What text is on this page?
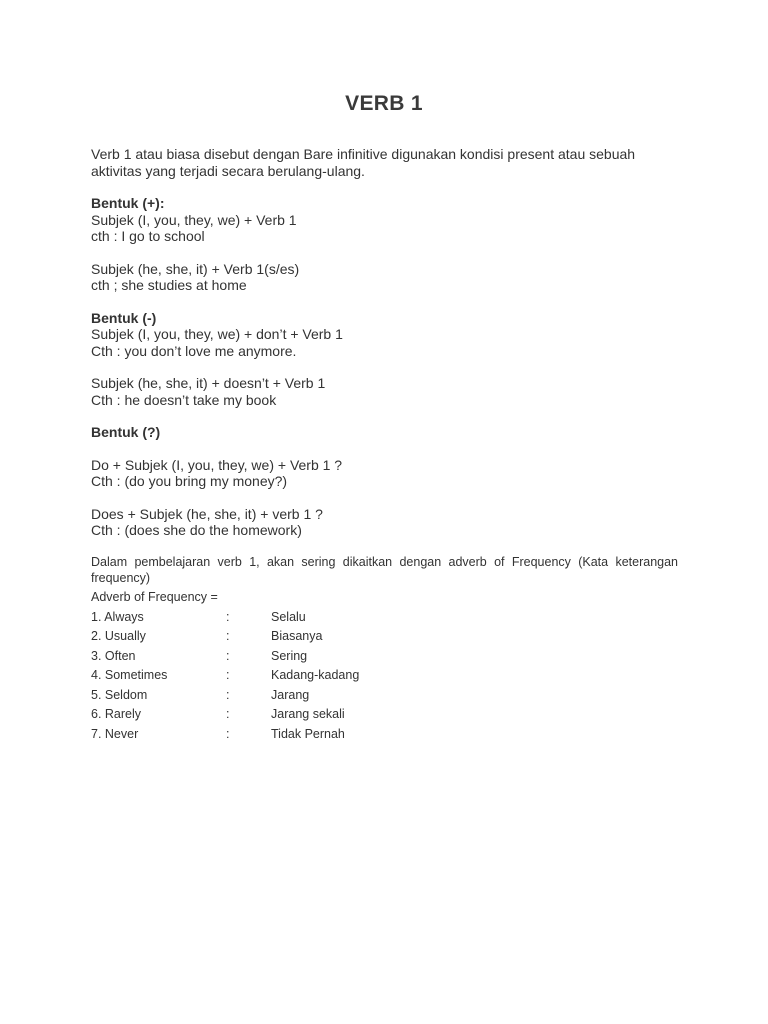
VERB 1
Verb 1 atau biasa disebut dengan Bare infinitive digunakan kondisi present atau sebuah
aktivitas yang terjadi secara berulang-ulang.
Bentuk (+):
Subjek (I, you, they, we) + Verb 1
cth : I go to school
Subjek (he, she, it) + Verb 1(s/es)
cth ; she studies at home
Bentuk (-)
Subjek (I, you, they, we) + don’t + Verb 1
Cth : you don’t love me anymore.
Subjek (he, she, it) + doesn’t + Verb 1
Cth : he doesn’t take my book
Bentuk (?)
Do + Subjek (I, you, they, we) + Verb 1 ?
Cth : (do you bring my money?)
Does + Subjek (he, she, it) + verb 1 ?
Cth : (does she do the homework)

Dalam pembelajaran verb 1, akan sering dikaitkan dengan adverb of Frequency (Kata keterangan frequency)

Adverb of Frequency =
1. Always	:	Selalu
2. Usually	:	Biasanya
3. Often	:	Sering
4. Sometimes	:	Kadang-kadang
5. Seldom	:	Jarang
6. Rarely	:	Jarang sekali
7. Never	:	Tidak Pernah
